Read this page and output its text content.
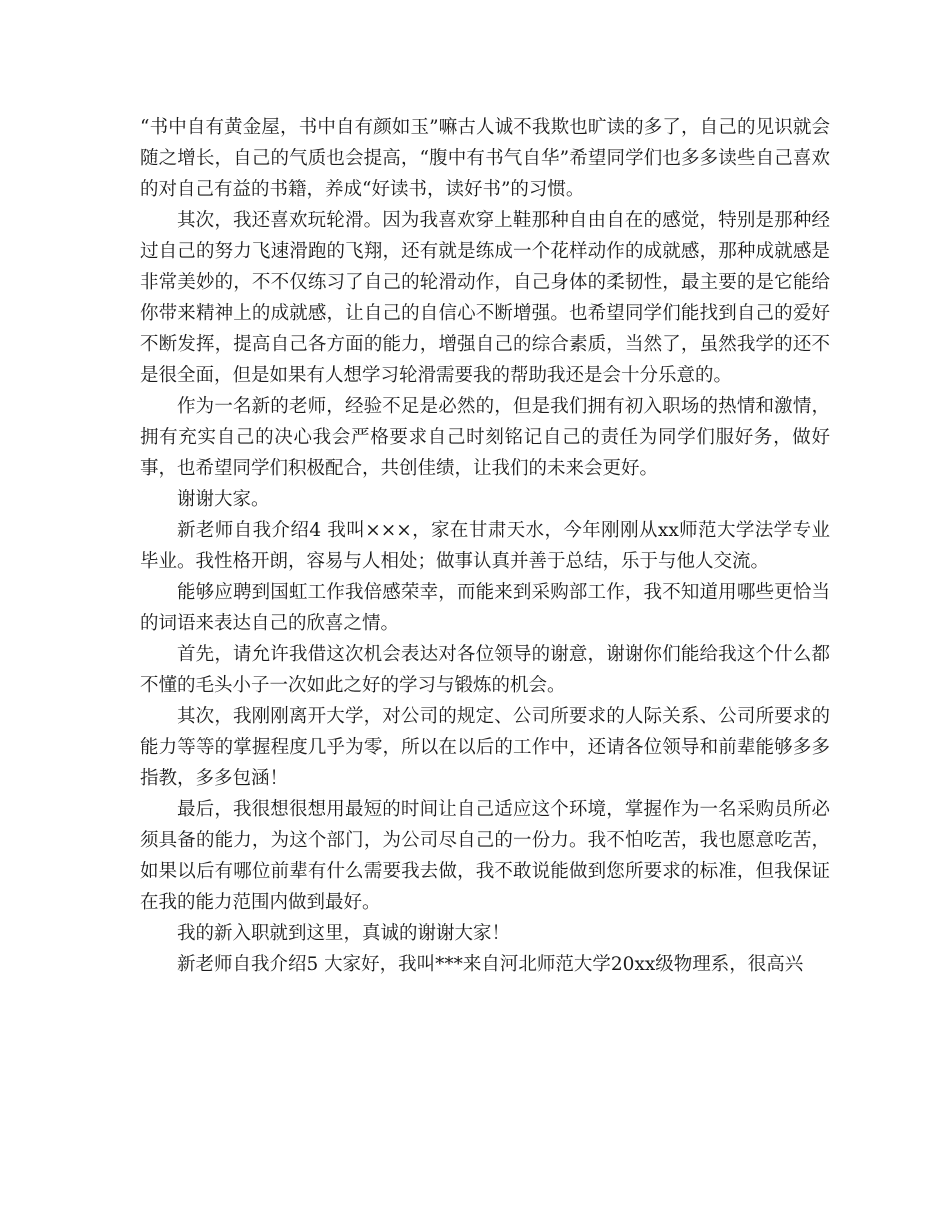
“书中自有黄金屋，书中自有颜如玉”嘛古人诚不我欺也旷读的多了，自己的见识就会随之增长，自己的气质也会提高，“腹中有书气自华”希望同学们也多多读些自己喜欢的对自己有益的书籍，养成“好读书，读好书”的习惯。

其次，我还喜欢玩轮滑。因为我喜欢穿上鞋那种自由自在的感觉，特别是那种经过自己的努力飞速滑跑的飞翔，还有就是练成一个花样动作的成就感，那种成就感是非常美妙的，不不仅练习了自己的轮滑动作，自己身体的柔韧性，最主要的是它能给你带来精神上的成就感，让自己的自信心不断增强。也希望同学们能找到自己的爱好不断发挥，提高自己各方面的能力，增强自己的综合素质，当然了，虽然我学的还不是很全面，但是如果有人想学习轮滑需要我的帮助我还是会十分乐意的。

作为一名新的老师，经验不足是必然的，但是我们拥有初入职场的热情和激情，拥有充实自己的决心我会严格要求自己时刻铭记自己的责任为同学们服好务，做好事，也希望同学们积极配合，共创佳绩，让我们的未来会更好。

谢谢大家。

新老师自我介绍4 我叫×××，家在甘肃天水，今年刚刚从xx师范大学法学专业毕业。我性格开朗，容易与人相处；做事认真并善于总结，乐于与他人交流。

能够应聘到国虹工作我倍感荣幸，而能来到采购部工作，我不知道用哪些更恰当的词语来表达自己的欣喜之情。

首先，请允许我借这次机会表达对各位领导的谢意，谢谢你们能给我这个什么都不懂的毛头小子一次如此之好的学习与锻炼的机会。

其次，我刚刚离开大学，对公司的规定、公司所要求的人际关系、公司所要求的能力等等的掌握程度几乎为零，所以在以后的工作中，还请各位领导和前辈能够多多指教，多多包涵！

最后，我很想很想用最短的时间让自己适应这个环境，掌握作为一名采购员所必须具备的能力，为这个部门，为公司尽自己的一份力。我不怕吃苦，我也愿意吃苦，如果以后有哪位前辈有什么需要我去做，我不敢说能做到您所要求的标准，但我保证在我的能力范围内做到最好。

我的新入职就到这里，真诚的谢谢大家！

新老师自我介绍5 大家好，我叫***来自河北师范大学20xx级物理系，很高兴
